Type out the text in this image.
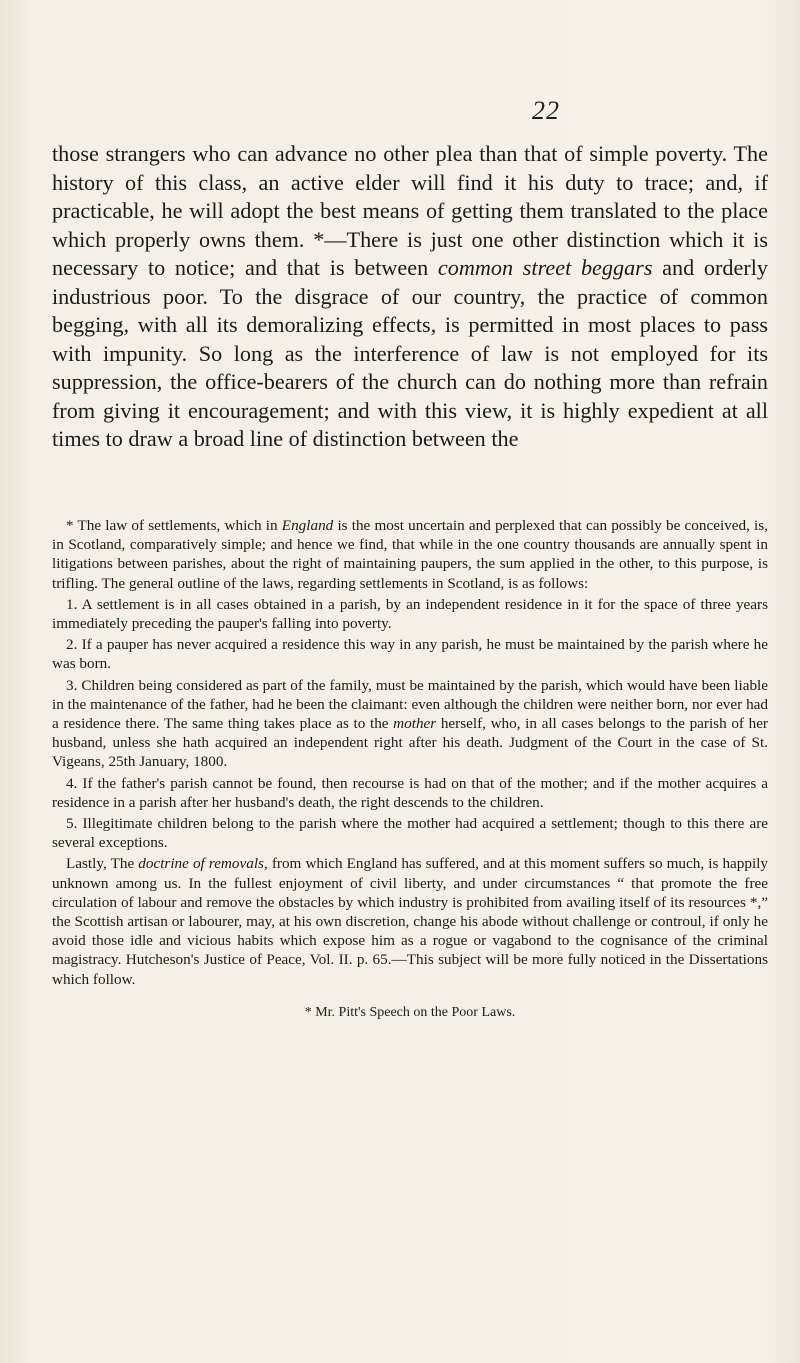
22

those strangers who can advance no other plea than that of simple poverty. The history of this class, an active elder will find it his duty to trace; and, if practicable, he will adopt the best means of getting them translated to the place which properly owns them. *—There is just one other distinction which it is necessary to notice; and that is between common street beggars and orderly industrious poor. To the disgrace of our country, the practice of common begging, with all its demoralizing effects, is permitted in most places to pass with impunity. So long as the interference of law is not employed for its suppression, the office-bearers of the church can do nothing more than refrain from giving it encouragement; and with this view, it is highly expedient at all times to draw a broad line of distinction between the

* The law of settlements, which in England is the most uncertain and perplexed that can possibly be conceived, is, in Scotland, comparatively simple; and hence we find, that while in the one country thousands are annually spent in litigations between parishes, about the right of maintaining paupers, the sum applied in the other, to this purpose, is trifling. The general outline of the laws, regarding settlements in Scotland, is as follows:

1. A settlement is in all cases obtained in a parish, by an independent residence in it for the space of three years immediately preceding the pauper's falling into poverty.

2. If a pauper has never acquired a residence this way in any parish, he must be maintained by the parish where he was born.

3. Children being considered as part of the family, must be maintained by the parish, which would have been liable in the maintenance of the father, had he been the claimant: even although the children were neither born, nor ever had a residence there. The same thing takes place as to the mother herself, who, in all cases belongs to the parish of her husband, unless she hath acquired an independent right after his death. Judgment of the Court in the case of St. Vigeans, 25th January, 1800.

4. If the father's parish cannot be found, then recourse is had on that of the mother; and if the mother acquires a residence in a parish after her husband's death, the right descends to the children.

5. Illegitimate children belong to the parish where the mother had acquired a settlement; though to this there are several exceptions.

Lastly, The doctrine of removals, from which England has suffered, and at this moment suffers so much, is happily unknown among us. In the fullest enjoyment of civil liberty, and under circumstances “ that promote the free circulation of labour and remove the obstacles by which industry is prohibited from availing itself of its resources *,” the Scottish artisan or labourer, may, at his own discretion, change his abode without challenge or controul, if only he avoid those idle and vicious habits which expose him as a rogue or vagabond to the cognisance of the criminal magistracy. Hutcheson's Justice of Peace, Vol. II. p. 65.—This subject will be more fully noticed in the Dissertations which follow.

* Mr. Pitt's Speech on the Poor Laws.
